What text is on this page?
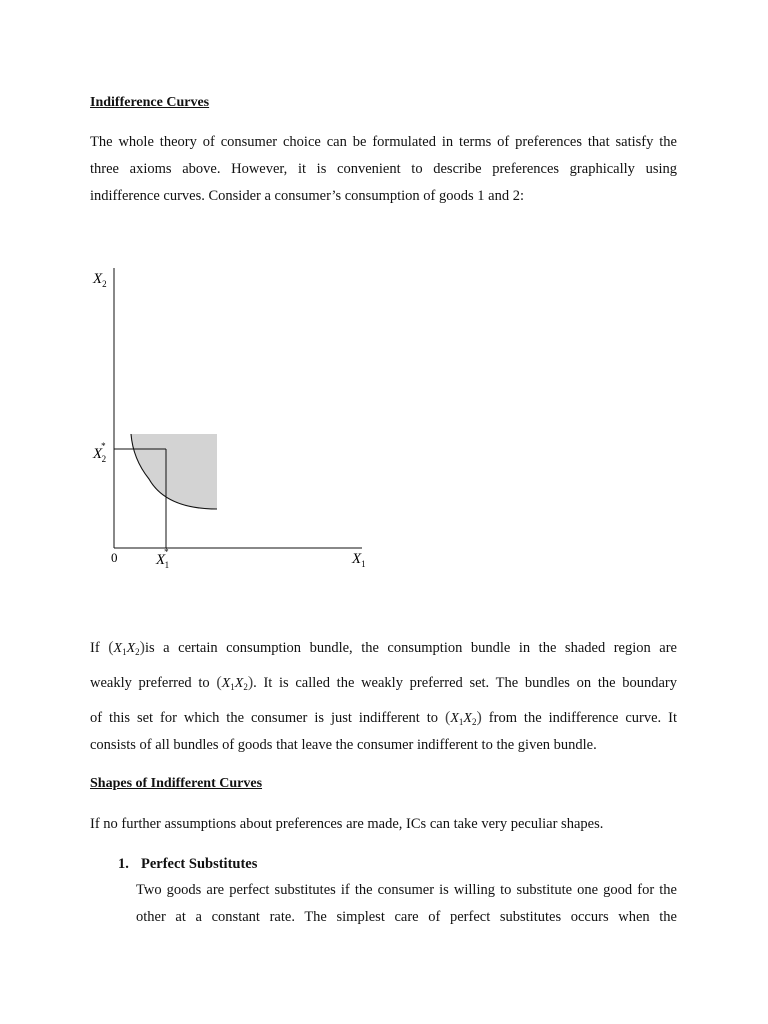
Indifference Curves
The whole theory of consumer choice can be formulated in terms of preferences that satisfy the
three axioms above. However, it is convenient to describe preferences graphically using
indifference curves. Consider a consumer’s consumption of goods 1 and 2:
$X_2$
X* 2
0	X* 1	$X_1$
If $(X_1X_2)is$ a certain consumption bundle, the consumption bundle in the shaded region are
weakly preferred to $(X_1X_2)$. It is called the weakly preferred set. The bundles on the boundary
of this set for which the consumer is just indifferent to $(X_1X_2)$ from the indifference curve. It
consists of all bundles of goods that leave the consumer indifferent to the given bundle.
Shapes of Indifferent Curves
If no further assumptions about preferences are made, ICs can take very peculiar shapes.
1. Perfect Substitutes
Two goods are perfect substitutes if the consumer is willing to substitute one good for the
other at a constant rate. The simplest care of perfect substitutes occurs when the
